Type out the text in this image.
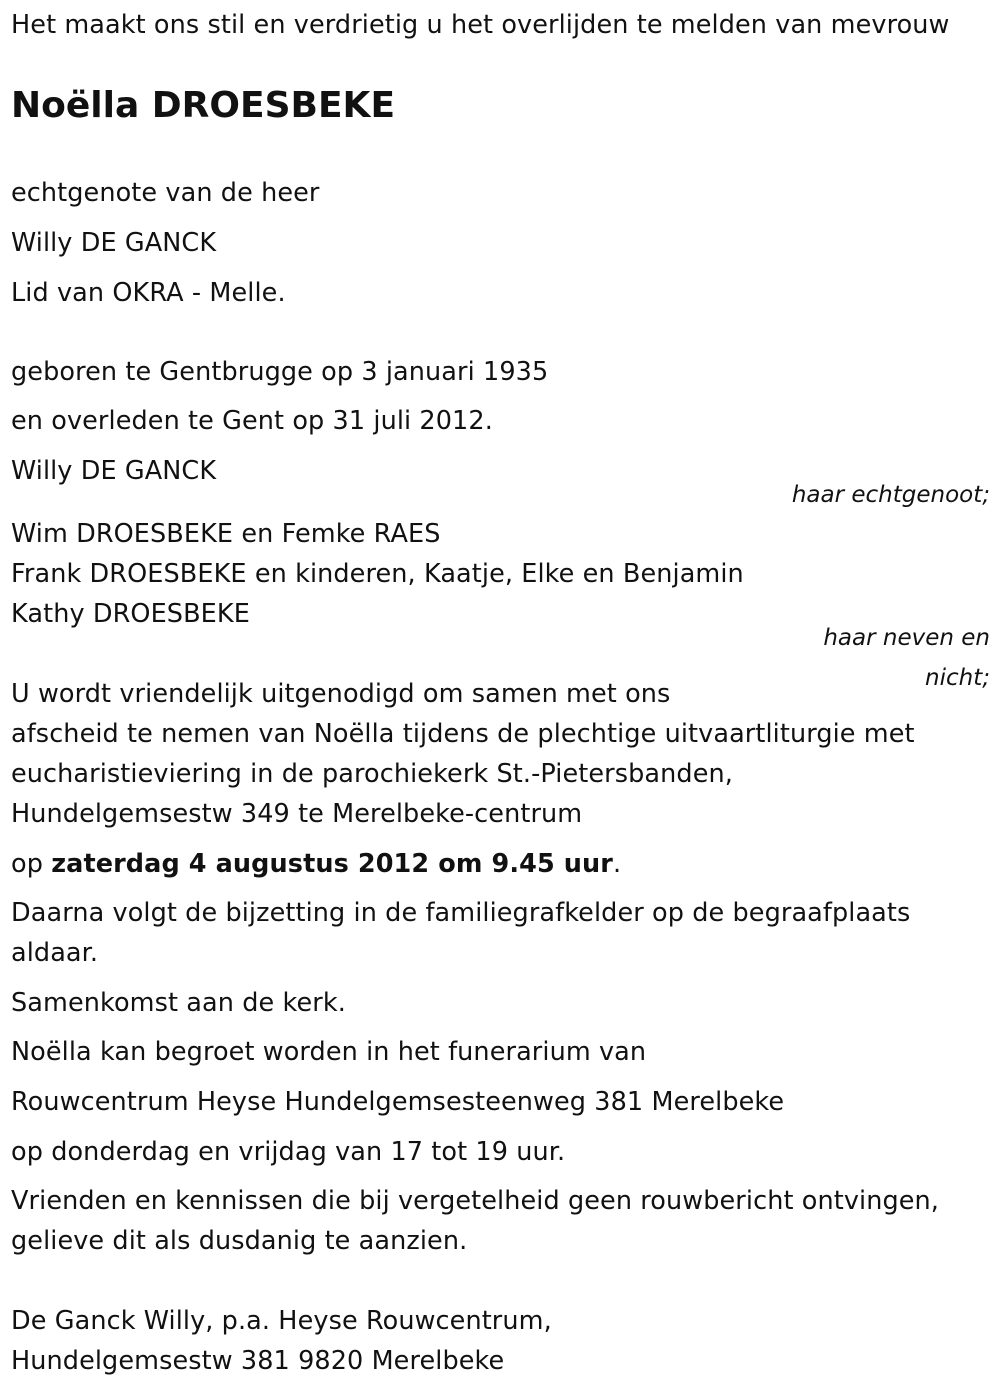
Het maakt ons stil en verdrietig u het overlijden te melden van mevrouw
Noëlla DROESBEKE
echtgenote van de heer
Willy DE GANCK
Lid van OKRA - Melle.
geboren te Gentbrugge op 3 januari 1935
en overleden te Gent op 31 juli 2012.
Willy DE GANCK
haar echtgenoot;
Wim DROESBEKE en Femke RAES
Frank DROESBEKE en kinderen, Kaatje, Elke en Benjamin
Kathy DROESBEKE
haar neven en
nicht;
U wordt vriendelijk uitgenodigd om samen met ons
afscheid te nemen van Noëlla tijdens de plechtige uitvaartliturgie met
eucharistieviering in de parochiekerk St.-Pietersbanden,
Hundelgemsestw 349 te Merelbeke-centrum
op zaterdag 4 augustus 2012 om 9.45 uur.
Daarna volgt de bijzetting in de familiegrafkelder op de begraafplaats
aldaar.
Samenkomst aan de kerk.
Noëlla kan begroet worden in het funerarium van
Rouwcentrum Heyse Hundelgemsesteenweg 381 Merelbeke
op donderdag en vrijdag van 17 tot 19 uur.
Vrienden en kennissen die bij vergetelheid geen rouwbericht ontvingen,
gelieve dit als dusdanig te aanzien.
De Ganck Willy, p.a. Heyse Rouwcentrum,
Hundelgemsestw 381 9820 Merelbeke
